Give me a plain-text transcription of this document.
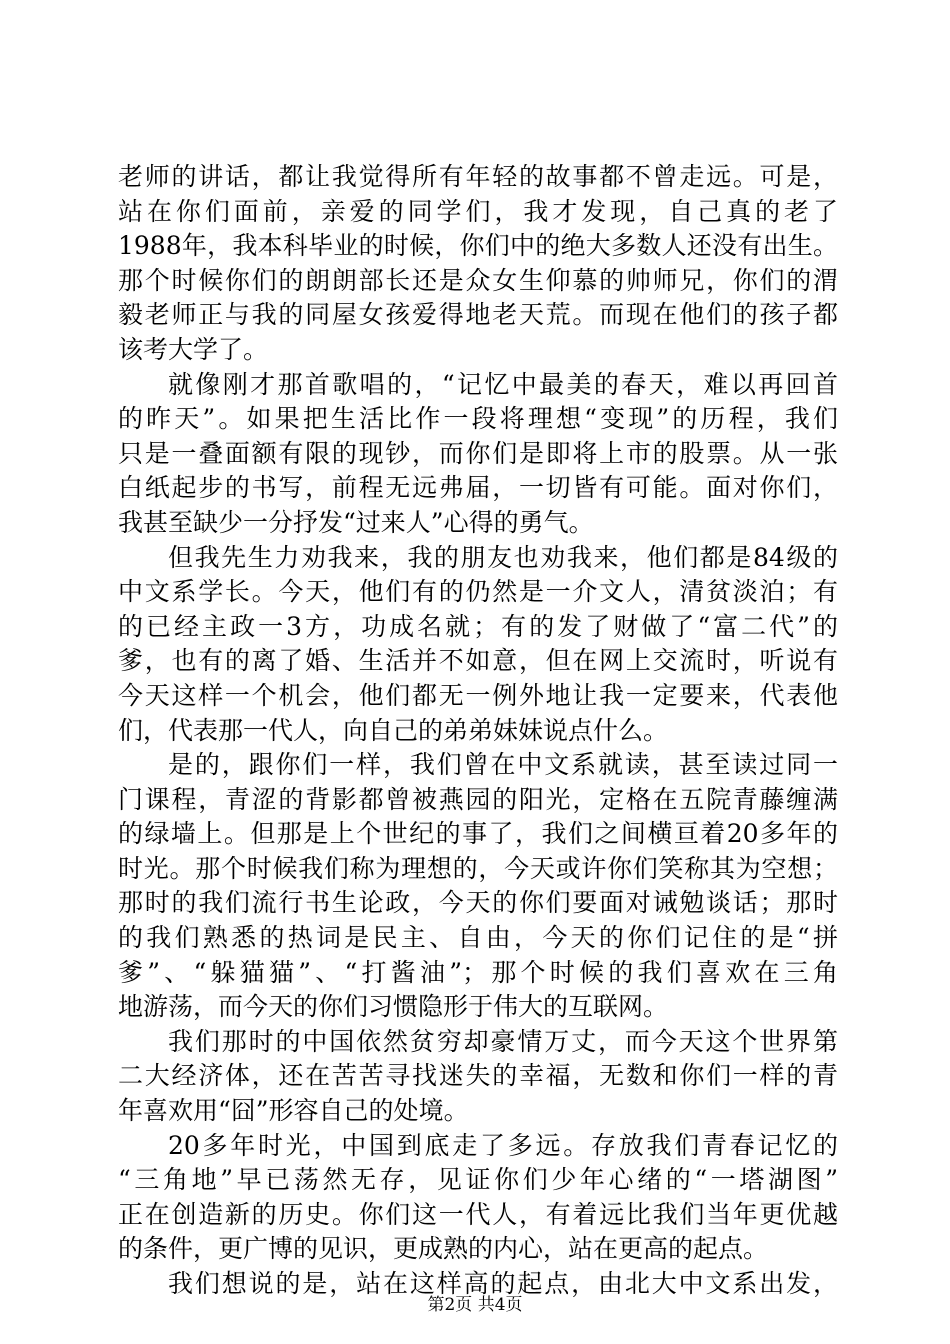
老师的讲话，都让我觉得所有年轻的故事都不曾走远。可是，
站在你们面前，亲爱的同学们，我才发现，自己真的老了
1988年，我本科毕业的时候，你们中的绝大多数人还没有出生。
那个时候你们的朗朗部长还是众女生仰慕的帅师兄，你们的渭
毅老师正与我的同屋女孩爱得地老天荒。而现在他们的孩子都
该考大学了。
就像刚才那首歌唱的，“记忆中最美的春天，难以再回首
的昨天”。如果把生活比作一段将理想“变现”的历程，我们
只是一叠面额有限的现钞，而你们是即将上市的股票。从一张
白纸起步的书写，前程无远弗届，一切皆有可能。面对你们，
我甚至缺少一分抒发“过来人”心得的勇气。
但我先生力劝我来，我的朋友也劝我来，他们都是84级的
中文系学长。今天，他们有的仍然是一介文人，清贫淡泊；有
的已经主政一3方，功成名就；有的发了财做了“富二代”的
爹，也有的离了婚、生活并不如意，但在网上交流时，听说有
今天这样一个机会，他们都无一例外地让我一定要来，代表他
们，代表那一代人，向自己的弟弟妹妹说点什么。
是的，跟你们一样，我们曾在中文系就读，甚至读过同一
门课程，青涩的背影都曾被燕园的阳光，定格在五院青藤缠满
的绿墙上。但那是上个世纪的事了，我们之间横亘着20多年的
时光。那个时候我们称为理想的，今天或许你们笑称其为空想；
那时的我们流行书生论政，今天的你们要面对诫勉谈话；那时
的我们熟悉的热词是民主、自由，今天的你们记住的是“拼
爹”、“躲猫猫”、“打酱油”；那个时候的我们喜欢在三角
地游荡，而今天的你们习惯隐形于伟大的互联网。
我们那时的中国依然贫穷却豪情万丈，而今天这个世界第
二大经济体，还在苦苦寻找迷失的幸福，无数和你们一样的青
年喜欢用“囧”形容自己的处境。
20多年时光，中国到底走了多远。存放我们青春记忆的
“三角地”早已荡然无存，见证你们少年心绪的“一塔湖图”
正在创造新的历史。你们这一代人，有着远比我们当年更优越
的条件，更广博的见识，更成熟的内心，站在更高的起点。
我们想说的是，站在这样高的起点，由北大中文系出发，
第2页 共4页
